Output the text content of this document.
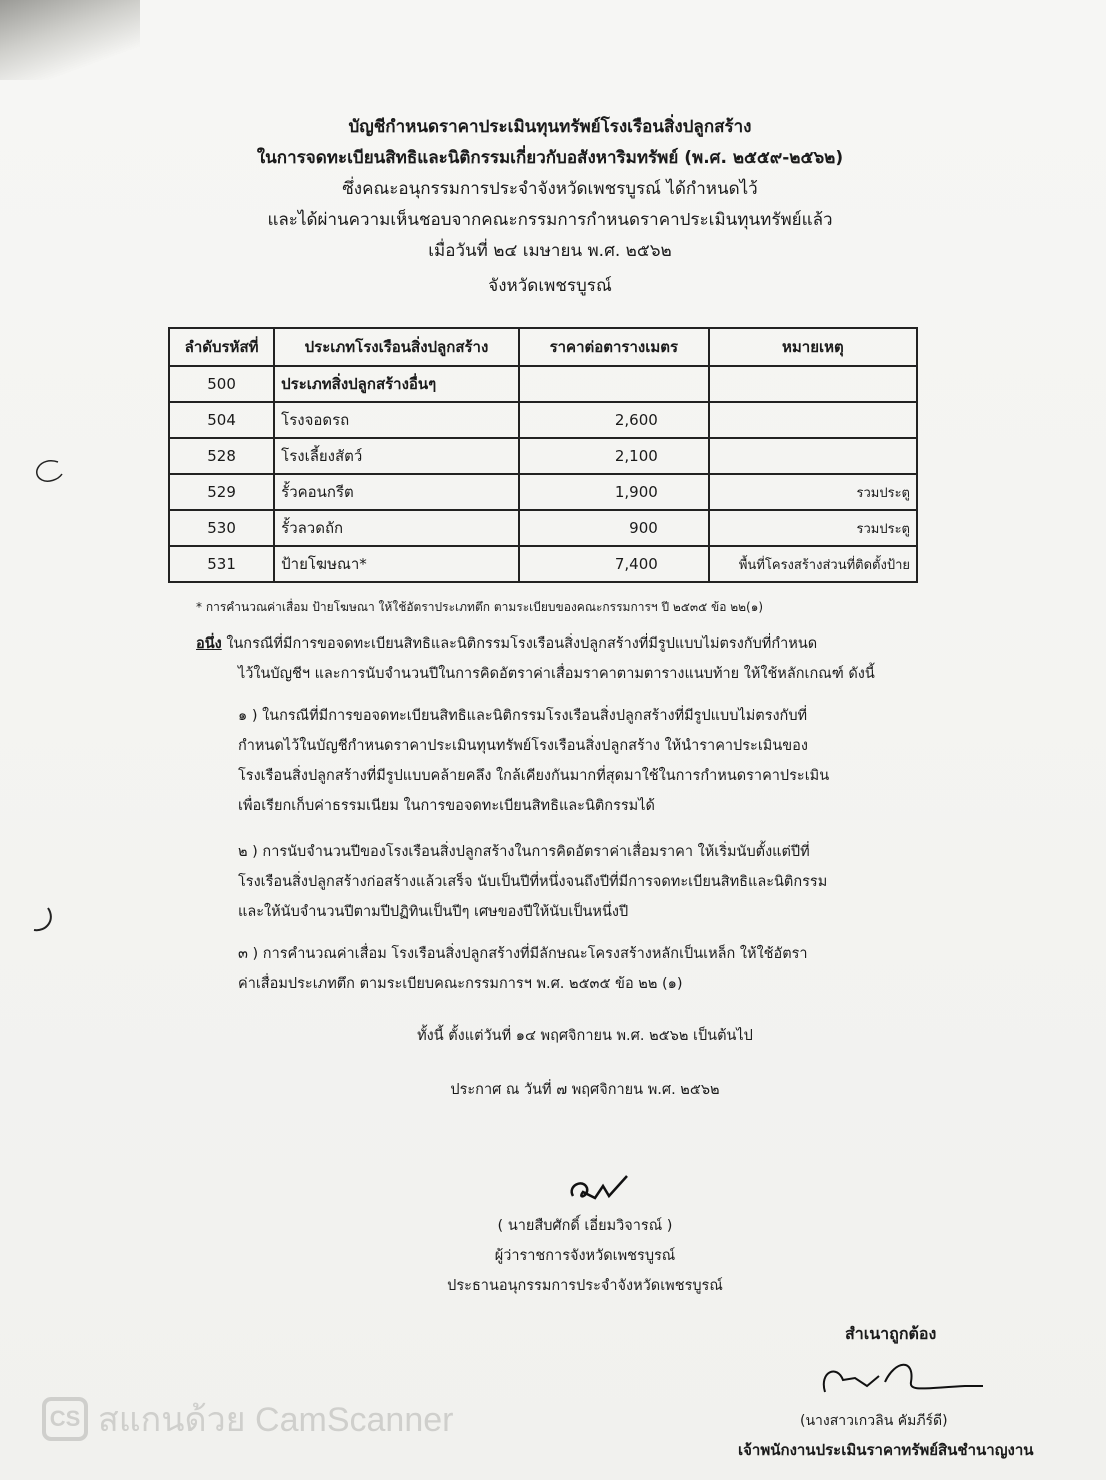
บัญชีกำหนดราคาประเมินทุนทรัพย์โรงเรือนสิ่งปลูกสร้าง
ในการจดทะเบียนสิทธิและนิติกรรมเกี่ยวกับอสังหาริมทรัพย์ (พ.ศ. ๒๕๕๙-๒๕๖๒)
ซึ่งคณะอนุกรรมการประจำจังหวัดเพชรบูรณ์ ได้กำหนดไว้
และได้ผ่านความเห็นชอบจากคณะกรรมการกำหนดราคาประเมินทุนทรัพย์แล้ว
เมื่อวันที่ ๒๔ เมษายน พ.ศ. ๒๕๖๒
จังหวัดเพชรบูรณ์
ลำดับรหัสที่	ประเภทโรงเรือนสิ่งปลูกสร้าง	ราคาต่อตารางเมตร	หมายเหตุ
500	ประเภทสิ่งปลูกสร้างอื่นๆ		
504	โรงจอดรถ	2,600	
528	โรงเลี้ยงสัตว์	2,100	
529	รั้วคอนกรีต	1,900	รวมประตู
530	รั้วลวดถัก	900	รวมประตู
531	ป้ายโฆษณา*	7,400	พื้นที่โครงสร้างส่วนที่ติดตั้งป้าย
* การคำนวณค่าเสื่อม ป้ายโฆษณา ให้ใช้อัตราประเภทตึก ตามระเบียบของคณะกรรมการฯ ปี ๒๕๓๕ ข้อ ๒๒(๑)
อนึ่ง ในกรณีที่มีการขอจดทะเบียนสิทธิและนิติกรรมโรงเรือนสิ่งปลูกสร้างที่มีรูปแบบไม่ตรงกับที่กำหนด
ไว้ในบัญชีฯ และการนับจำนวนปีในการคิดอัตราค่าเสื่อมราคาตามตารางแนบท้าย ให้ใช้หลักเกณฑ์ ดังนี้
๑ ) ในกรณีที่มีการขอจดทะเบียนสิทธิและนิติกรรมโรงเรือนสิ่งปลูกสร้างที่มีรูปแบบไม่ตรงกับที่
กำหนดไว้ในบัญชีกำหนดราคาประเมินทุนทรัพย์โรงเรือนสิ่งปลูกสร้าง ให้นำราคาประเมินของ
โรงเรือนสิ่งปลูกสร้างที่มีรูปแบบคล้ายคลึง ใกล้เคียงกันมากที่สุดมาใช้ในการกำหนดราคาประเมิน
เพื่อเรียกเก็บค่าธรรมเนียม ในการขอจดทะเบียนสิทธิและนิติกรรมได้
๒ ) การนับจำนวนปีของโรงเรือนสิ่งปลูกสร้างในการคิดอัตราค่าเสื่อมราคา ให้เริ่มนับตั้งแต่ปีที่
โรงเรือนสิ่งปลูกสร้างก่อสร้างแล้วเสร็จ นับเป็นปีที่หนึ่งจนถึงปีที่มีการจดทะเบียนสิทธิและนิติกรรม
และให้นับจำนวนปีตามปีปฏิทินเป็นปีๆ เศษของปีให้นับเป็นหนึ่งปี
๓ ) การคำนวณค่าเสื่อม โรงเรือนสิ่งปลูกสร้างที่มีลักษณะโครงสร้างหลักเป็นเหล็ก ให้ใช้อัตรา
ค่าเสื่อมประเภทตึก ตามระเบียบคณะกรรมการฯ พ.ศ. ๒๕๓๕ ข้อ ๒๒ (๑)
ทั้งนี้ ตั้งแต่วันที่ ๑๔ พฤศจิกายน พ.ศ. ๒๕๖๒ เป็นต้นไป
ประกาศ ณ วันที่ ๗ พฤศจิกายน พ.ศ. ๒๕๖๒
( นายสืบศักดิ์ เอี่ยมวิจารณ์ )
ผู้ว่าราชการจังหวัดเพชรบูรณ์
ประธานอนุกรรมการประจำจังหวัดเพชรบูรณ์
สำเนาถูกต้อง
(นางสาวเกวลิน คัมภีร์ดี)
เจ้าพนักงานประเมินราคาทรัพย์สินชำนาญงาน
CS สแกนด้วย CamScanner
